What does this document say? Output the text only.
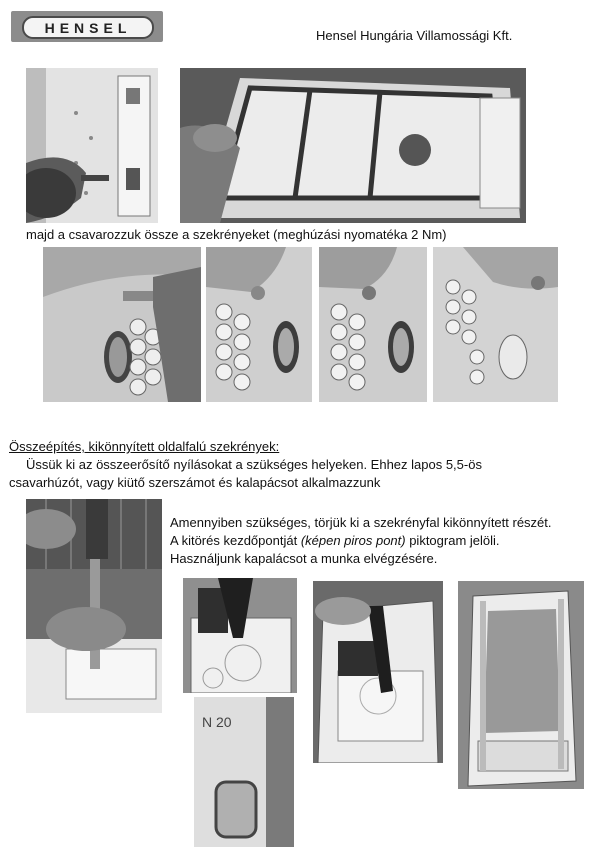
HENSEL	Hensel Hungária Villamossági Kft.
majd a csavarozzuk össze a szekrényeket (meghúzási nyomatéka 2 Nm)
Összeépítés, kikönnyített oldalfalú szekrények:
Üssük ki az összeerősítő nyílásokat a szükséges helyeken. Ehhez lapos 5,5-ös
csavarhúzót, vagy kiütő szerszámot és kalapácsot alkalmazzunk
Amennyiben szükséges, törjük ki a szekrényfal kikönnyített részét.
A kitörés kezdőpontját (képen piros pont) piktogram jelöli.
Használjunk kapalácsot a munka elvégzésére.
N 20
